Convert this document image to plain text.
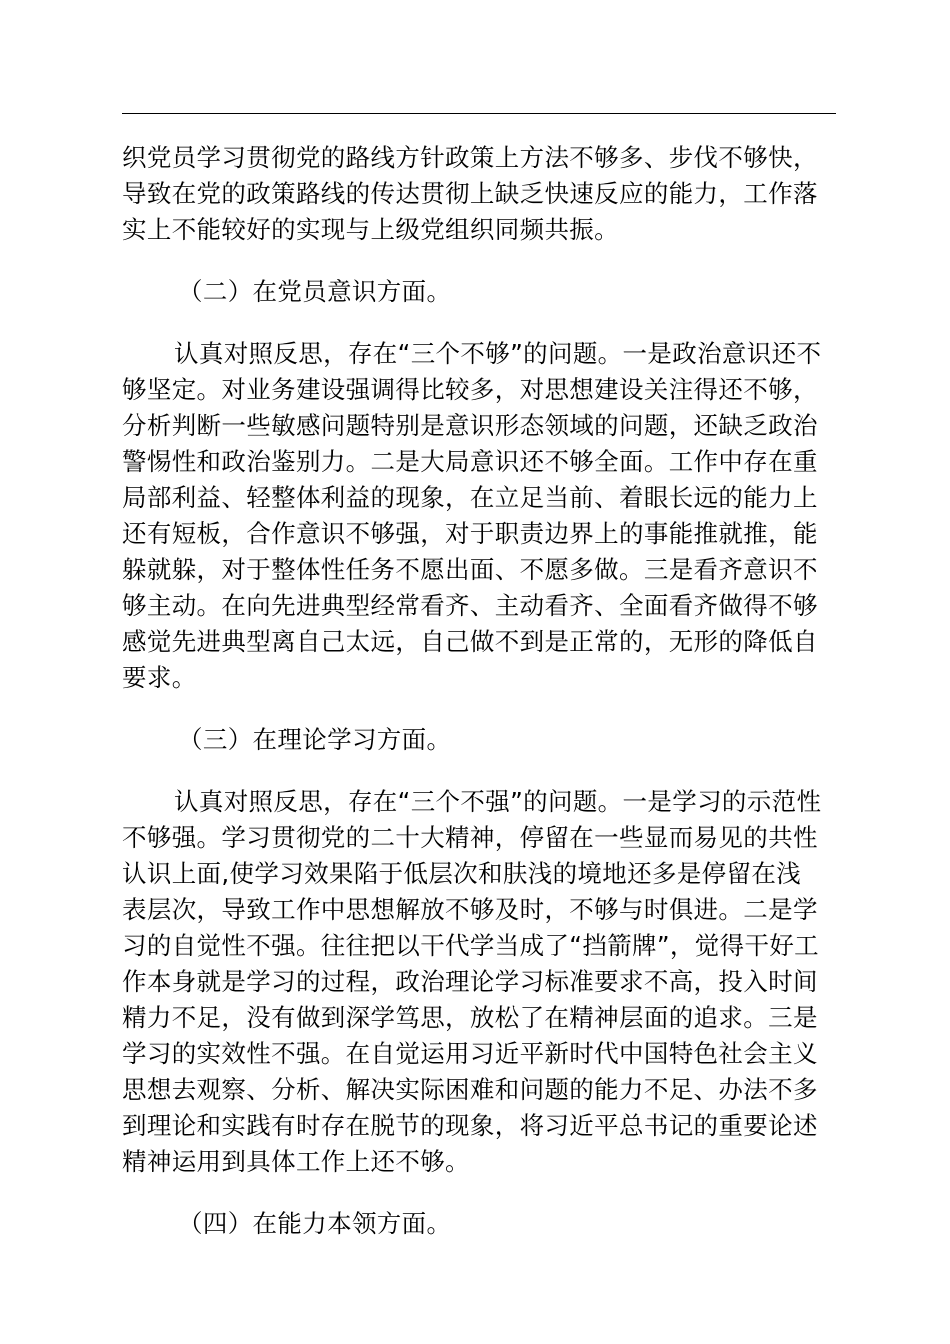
织党员学习贯彻党的路线方针政策上方法不够多、步伐不够快，
导致在党的政策路线的传达贯彻上缺乏快速反应的能力，工作落
实上不能较好的实现与上级党组织同频共振。
（二）在党员意识方面。
认真对照反思，存在“三个不够”的问题。一是政治意识还不
够坚定。对业务建设强调得比较多，对思想建设关注得还不够，
分析判断一些敏感问题特别是意识形态领域的问题，还缺乏政治
警惕性和政治鉴别力。二是大局意识还不够全面。工作中存在重
局部利益、轻整体利益的现象，在立足当前、着眼长远的能力上
还有短板，合作意识不够强，对于职责边界上的事能推就推，能
躲就躲，对于整体性任务不愿出面、不愿多做。三是看齐意识不
够主动。在向先进典型经常看齐、主动看齐、全面看齐做得不够
感觉先进典型离自己太远，自己做不到是正常的，无形的降低自
要求。
（三）在理论学习方面。
认真对照反思，存在“三个不强”的问题。一是学习的示范性
不够强。学习贯彻党的二十大精神，停留在一些显而易见的共性
认识上面,使学习效果陷于低层次和肤浅的境地还多是停留在浅
表层次，导致工作中思想解放不够及时，不够与时俱进。二是学
习的自觉性不强。往往把以干代学当成了“挡箭牌”，觉得干好工
作本身就是学习的过程，政治理论学习标准要求不高，投入时间
精力不足，没有做到深学笃思，放松了在精神层面的追求。三是
学习的实效性不强。在自觉运用习近平新时代中国特色社会主义
思想去观察、分析、解决实际困难和问题的能力不足、办法不多
到理论和实践有时存在脱节的现象，将习近平总书记的重要论述
精神运用到具体工作上还不够。
（四）在能力本领方面。
